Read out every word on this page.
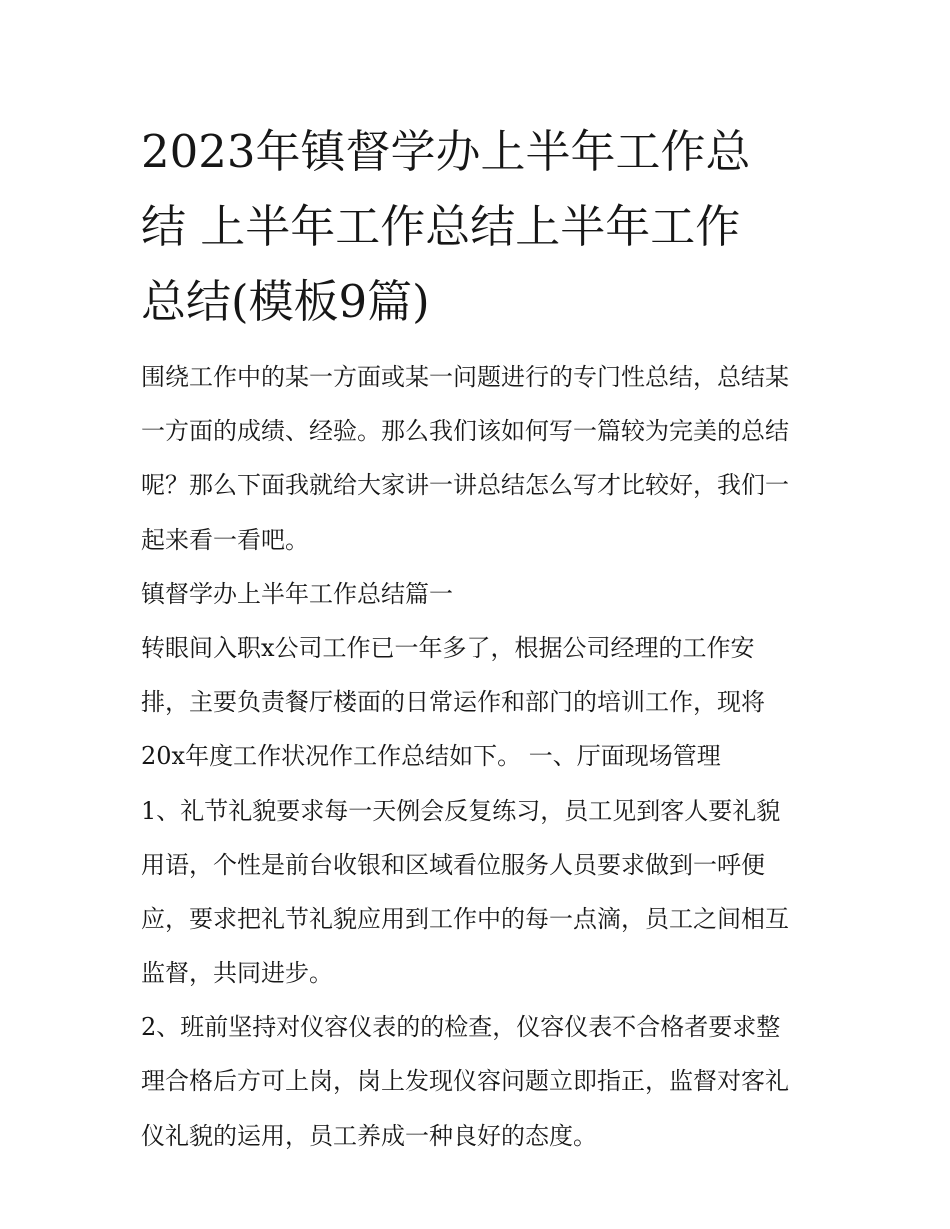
2023年镇督学办上半年工作总
结 上半年工作总结上半年工作
总结(模板9篇)
围绕工作中的某一方面或某一问题进行的专门性总结，总结某
一方面的成绩、经验。那么我们该如何写一篇较为完美的总结
呢？那么下面我就给大家讲一讲总结怎么写才比较好，我们一
起来看一看吧。
镇督学办上半年工作总结篇一
转眼间入职x公司工作已一年多了，根据公司经理的工作安
排，主要负责餐厅楼面的日常运作和部门的培训工作，现将
20x年度工作状况作工作总结如下。 一、厅面现场管理
1、礼节礼貌要求每一天例会反复练习，员工见到客人要礼貌
用语，个性是前台收银和区域看位服务人员要求做到一呼便
应，要求把礼节礼貌应用到工作中的每一点滴，员工之间相互
监督，共同进步。
2、班前坚持对仪容仪表的的检查，仪容仪表不合格者要求整
理合格后方可上岗，岗上发现仪容问题立即指正，监督对客礼
仪礼貌的运用，员工养成一种良好的态度。
